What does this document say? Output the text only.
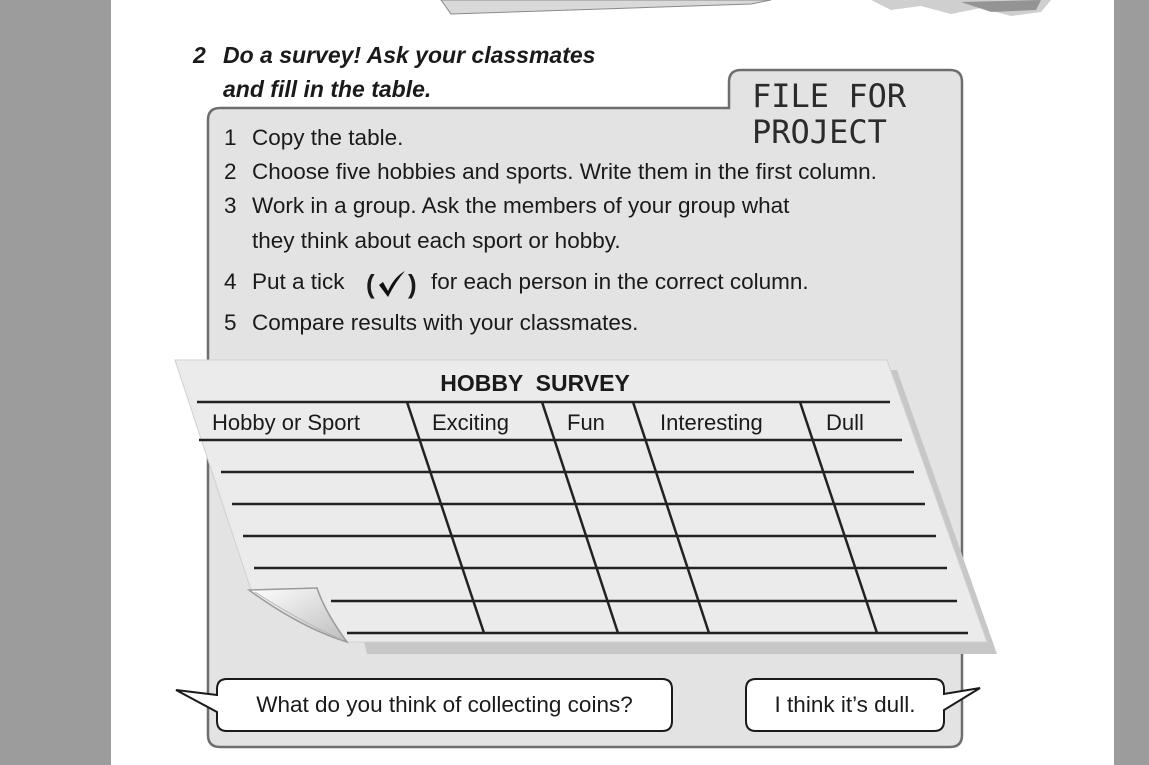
2 Do a survey! Ask your classmates
and fill in the table.	FILE FOR
PROJECT
1 Copy the table.
2 Choose five hobbies and sports. Write them in the first column.
3 Work in a group. Ask the members of your group what
they think about each sport or hobby.
4 Put a tick ( ) for each person in the correct column.
5 Compare results with your classmates.
HOBBY  SURVEY
Hobby or Sport	Exciting	Fun	Interesting	Dull
What do you think of collecting coins?	I think it’s dull.
